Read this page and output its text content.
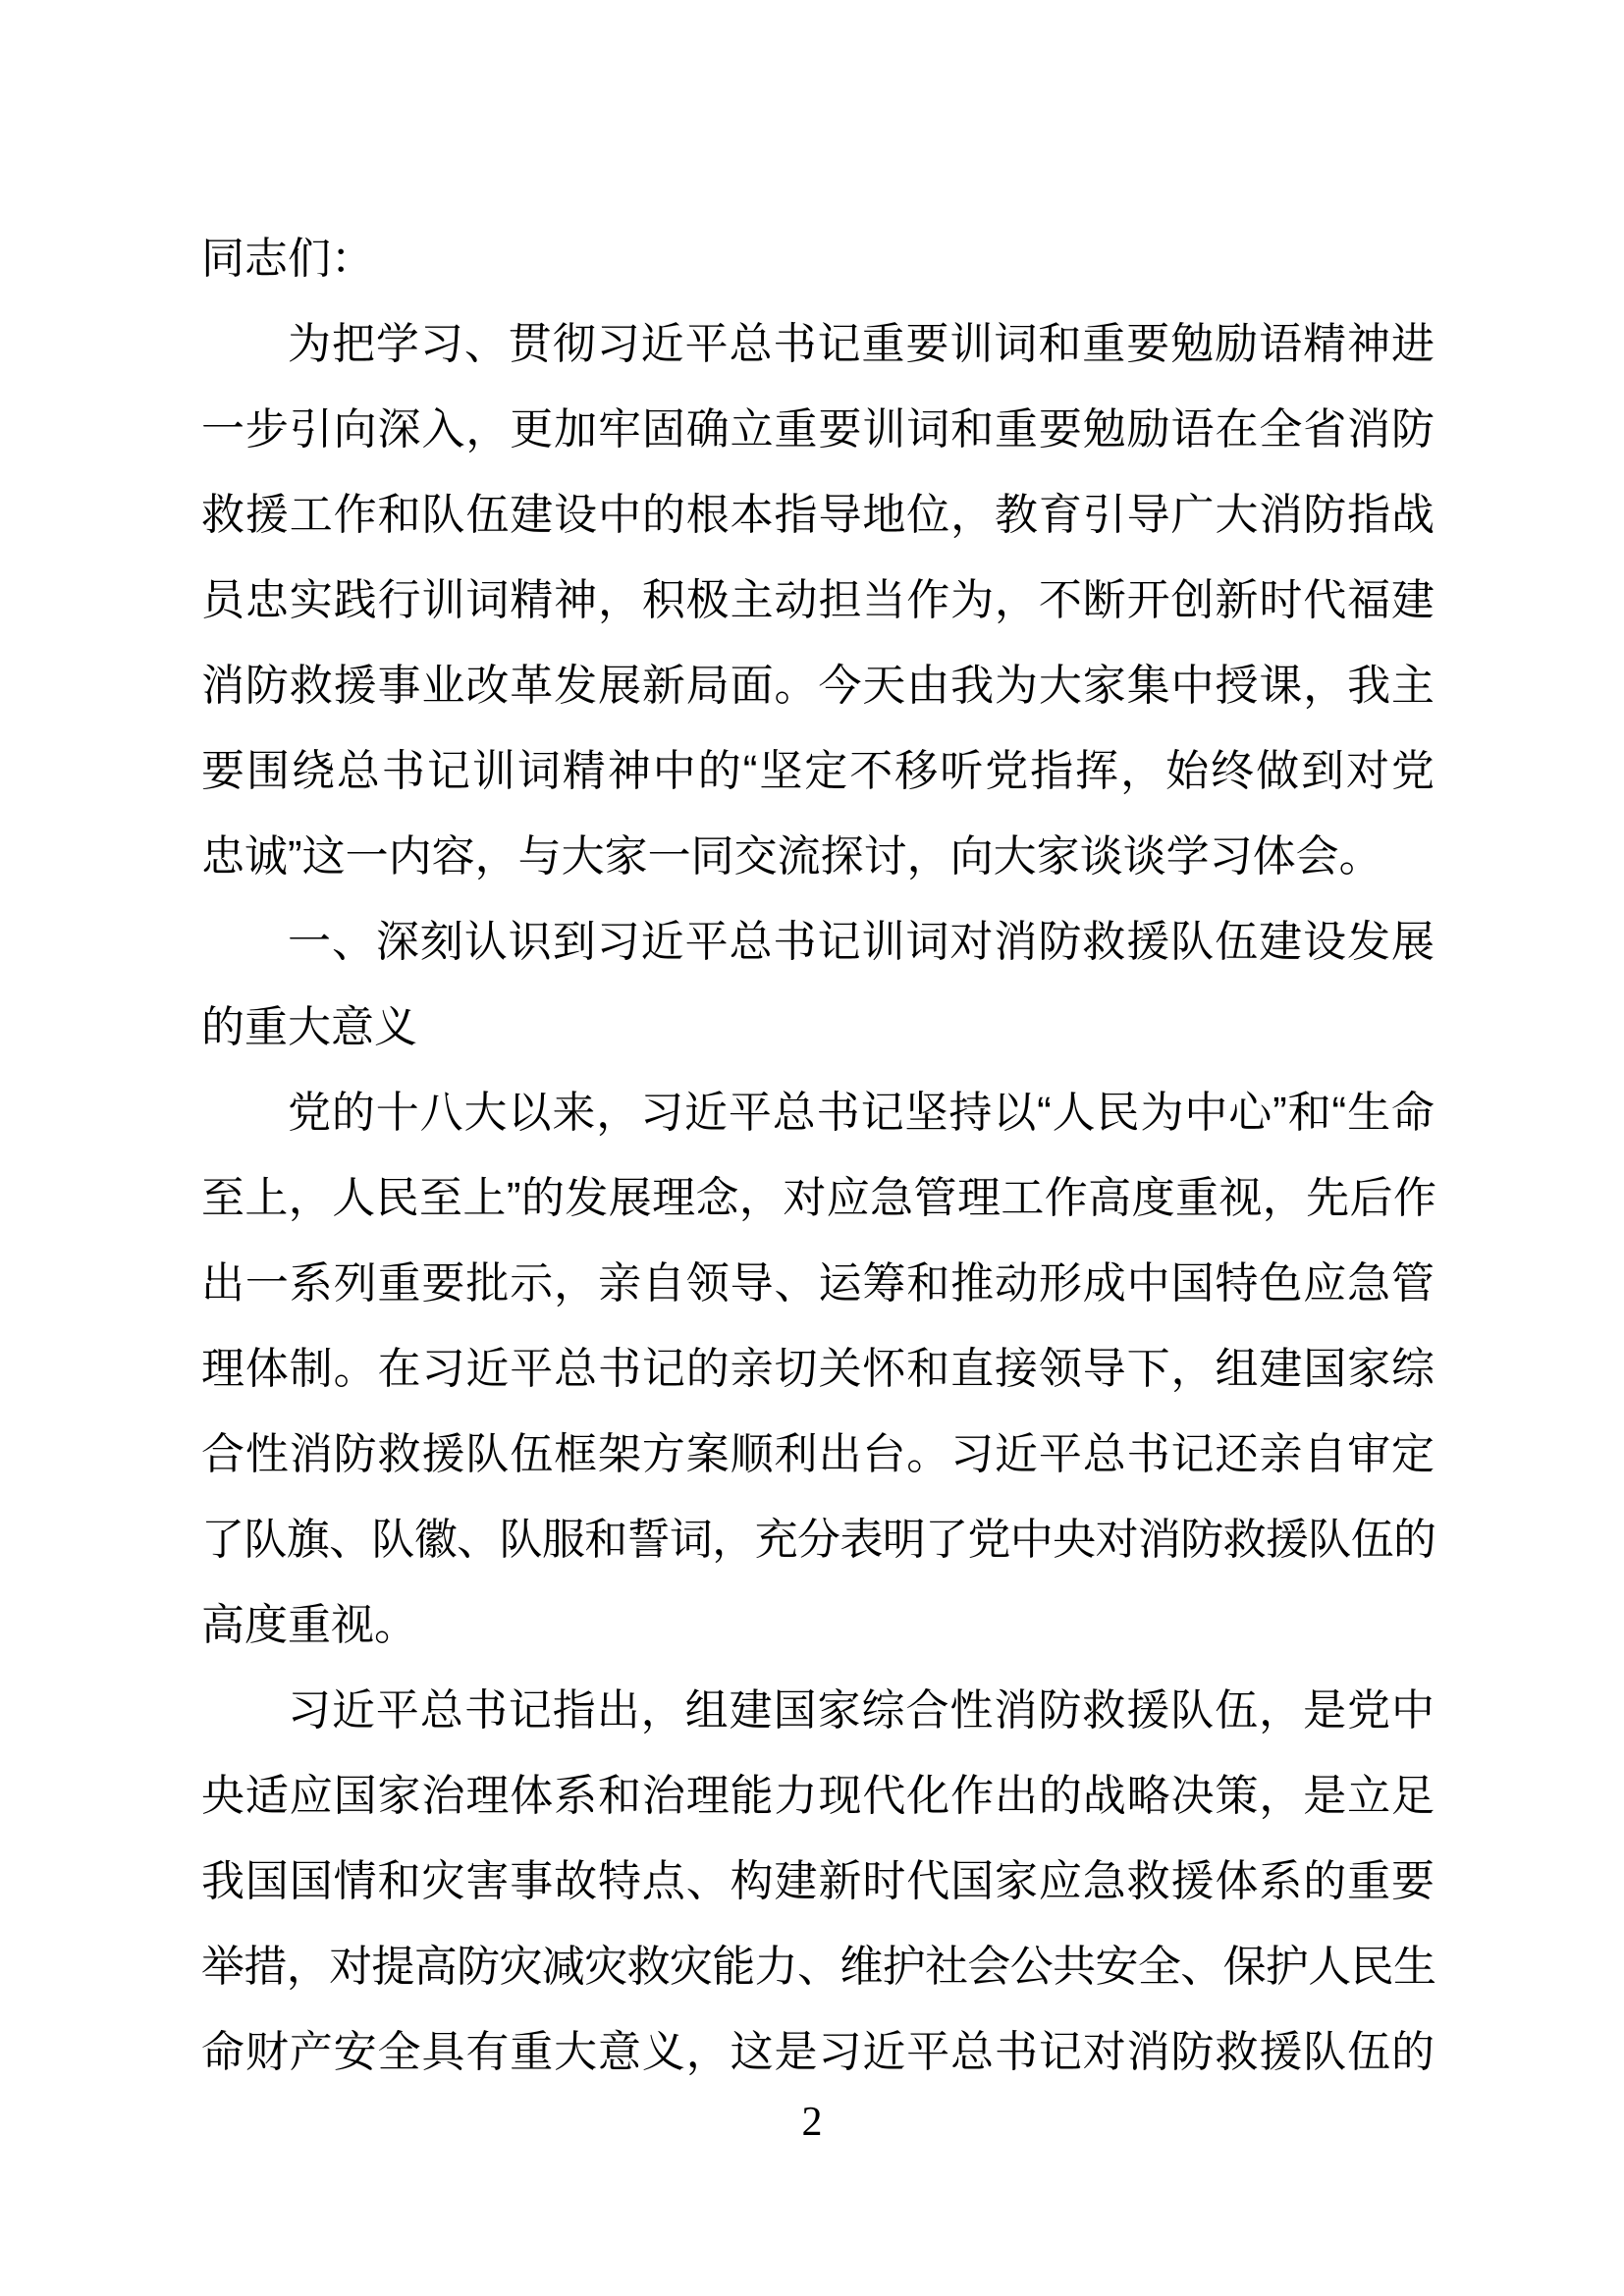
同志们：
为把学习、贯彻习近平总书记重要训词和重要勉励语精神进
一步引向深入，更加牢固确立重要训词和重要勉励语在全省消防
救援工作和队伍建设中的根本指导地位，教育引导广大消防指战
员忠实践行训词精神，积极主动担当作为，不断开创新时代福建
消防救援事业改革发展新局面。今天由我为大家集中授课，我主
要围绕总书记训词精神中的“坚定不移听党指挥，始终做到对党
忠诚”这一内容，与大家一同交流探讨，向大家谈谈学习体会。
一、深刻认识到习近平总书记训词对消防救援队伍建设发展
的重大意义
党的十八大以来，习近平总书记坚持以“人民为中心”和“生命
至上，人民至上”的发展理念，对应急管理工作高度重视，先后作
出一系列重要批示，亲自领导、运筹和推动形成中国特色应急管
理体制。在习近平总书记的亲切关怀和直接领导下，组建国家综
合性消防救援队伍框架方案顺利出台。习近平总书记还亲自审定
了队旗、队徽、队服和誓词，充分表明了党中央对消防救援队伍的
高度重视。
习近平总书记指出，组建国家综合性消防救援队伍，是党中
央适应国家治理体系和治理能力现代化作出的战略决策，是立足
我国国情和灾害事故特点、构建新时代国家应急救援体系的重要
举措，对提高防灾减灾救灾能力、维护社会公共安全、保护人民生
命财产安全具有重大意义，这是习近平总书记对消防救援队伍的
2
